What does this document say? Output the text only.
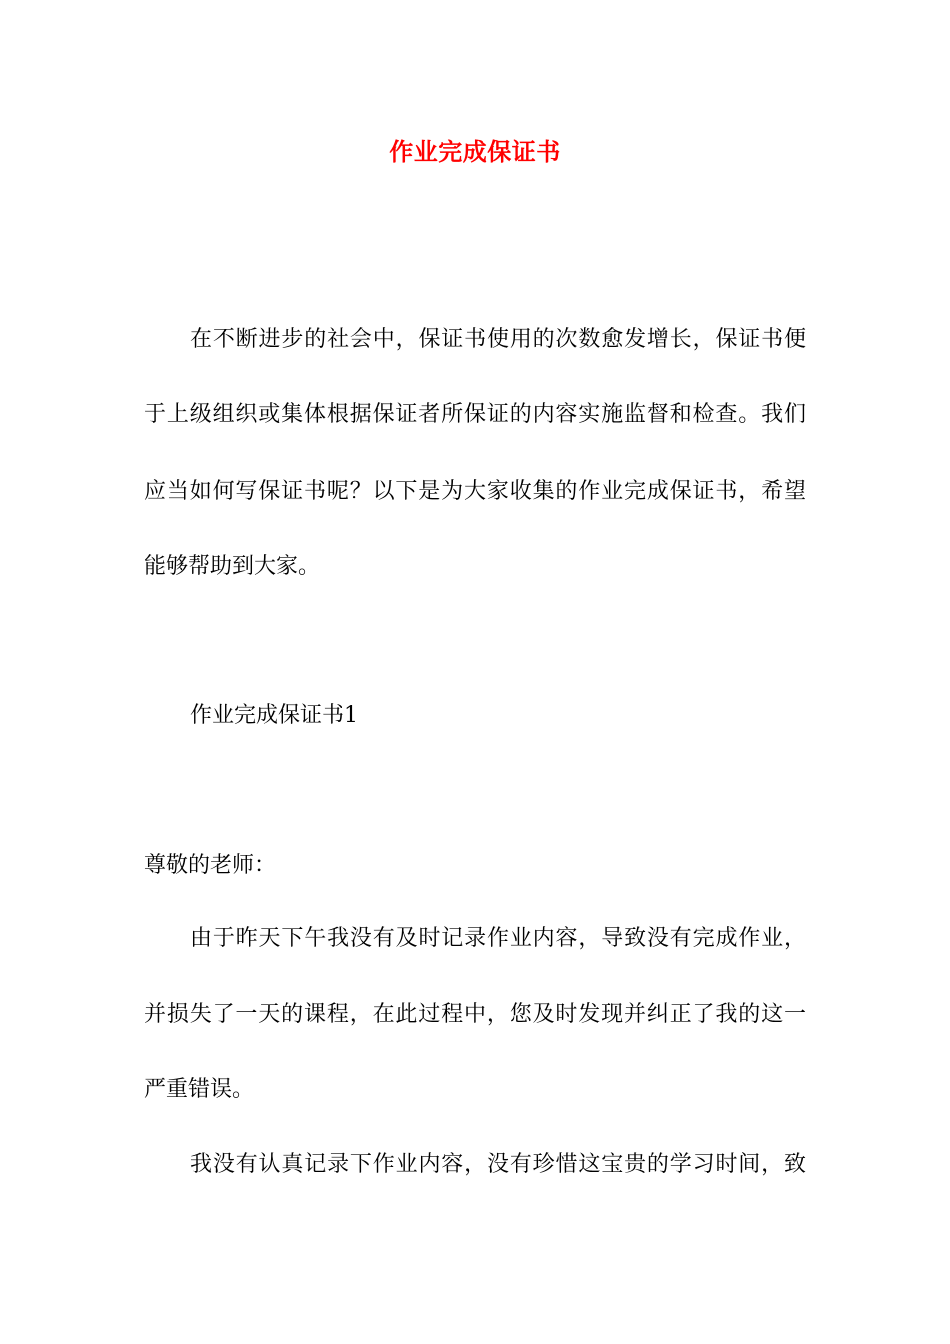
作业完成保证书
在不断进步的社会中，保证书使用的次数愈发增长，保证书便
于上级组织或集体根据保证者所保证的内容实施监督和检查。我们
应当如何写保证书呢？以下是为大家收集的作业完成保证书，希望
能够帮助到大家。
作业完成保证书1
尊敬的老师：
由于昨天下午我没有及时记录作业内容，导致没有完成作业，
并损失了一天的课程，在此过程中，您及时发现并纠正了我的这一
严重错误。
我没有认真记录下作业内容，没有珍惜这宝贵的学习时间，致
